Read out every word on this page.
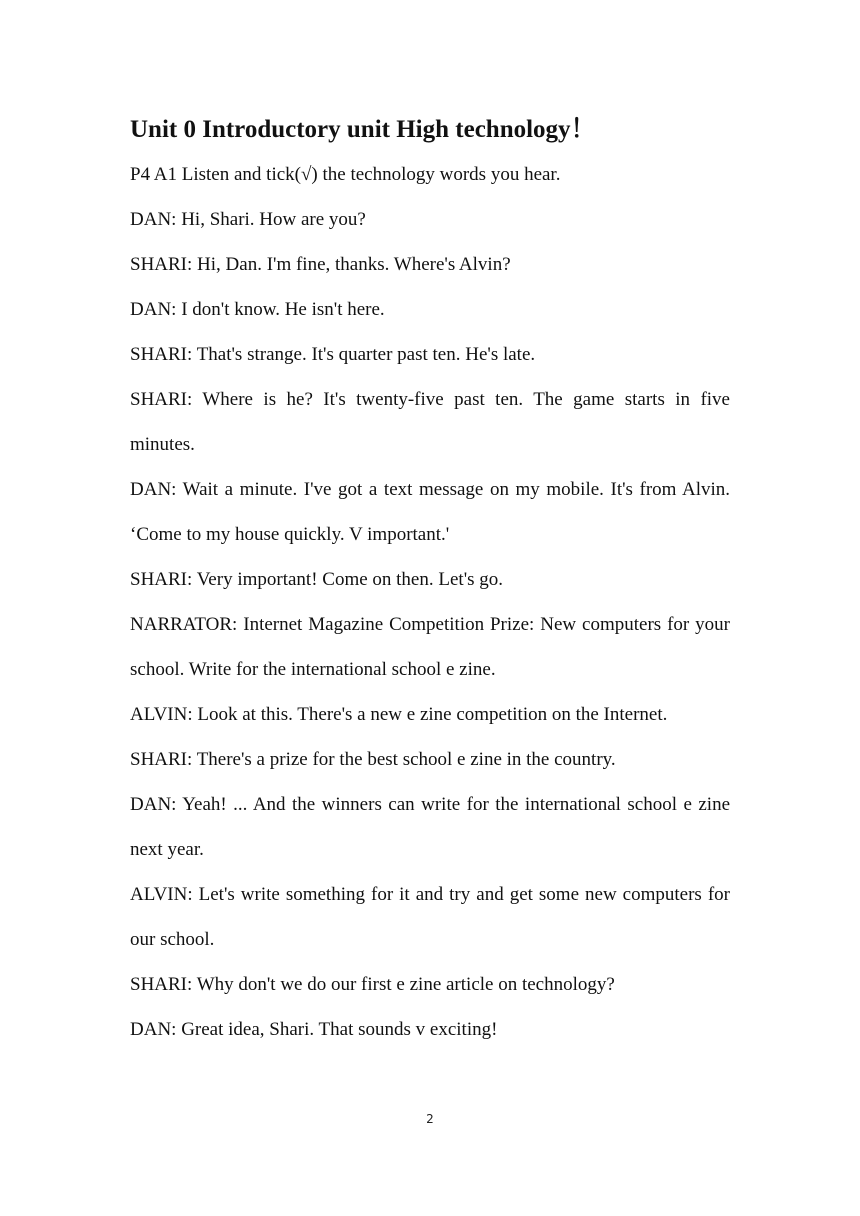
Unit 0 Introductory unit High technology！

P4 A1 Listen and tick(√) the technology words you hear.

DAN: Hi, Shari. How are you?

SHARI: Hi, Dan. I'm fine, thanks. Where's Alvin?

DAN: I don't know. He isn't here.

SHARI: That's strange. It's quarter past ten. He's late.

SHARI: Where is he? It's twenty-five past ten. The game starts in five minutes.

DAN: Wait a minute. I've got a text message on my mobile. It's from Alvin. ‘Come to my house quickly. V important.'

SHARI: Very important! Come on then. Let's go.

NARRATOR: Internet Magazine Competition Prize: New computers for your school. Write for the international school e zine.

ALVIN: Look at this. There's a new e zine competition on the Internet.

SHARI: There's a prize for the best school e zine in the country.

DAN: Yeah! ... And the winners can write for the international school e zine next year.

ALVIN: Let's write something for it and try and get some new computers for our school.

SHARI: Why don't we do our first e zine article on technology?

DAN: Great idea, Shari. That sounds v exciting!

2
